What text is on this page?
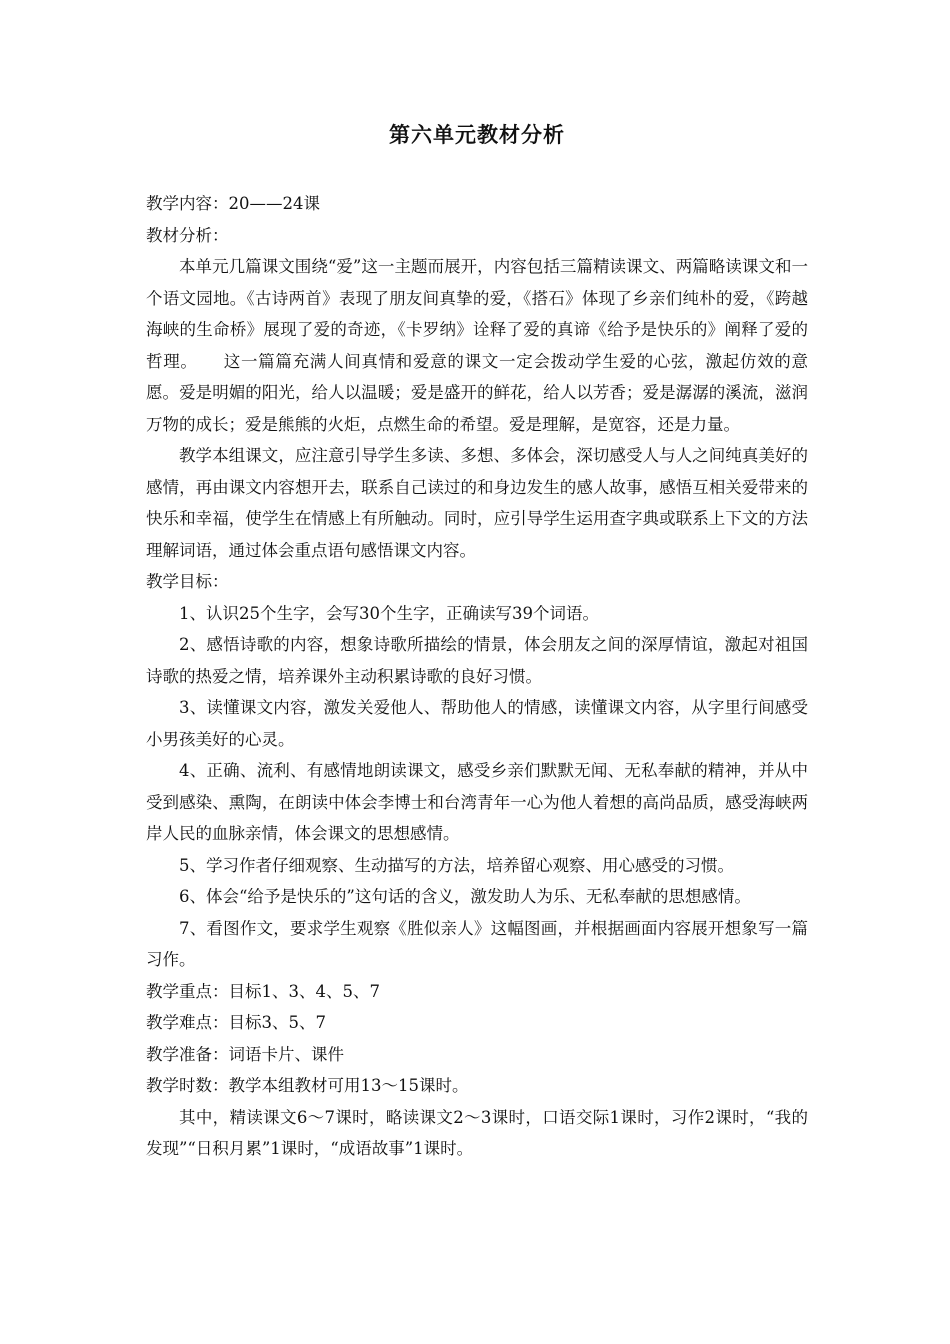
第六单元教材分析

教学内容：20——24课

教材分析：

本单元几篇课文围绕“爱”这一主题而展开，内容包括三篇精读课文、两篇略读课文和一个语文园地。《古诗两首》表现了朋友间真挚的爱，《搭石》体现了乡亲们纯朴的爱，《跨越海峡的生命桥》展现了爱的奇迹，《卡罗纳》诠释了爱的真谛《给予是快乐的》阐释了爱的哲理。　　这一篇篇充满人间真情和爱意的课文一定会拨动学生爱的心弦，激起仿效的意愿。爱是明媚的阳光，给人以温暖；爱是盛开的鲜花，给人以芳香；爱是潺潺的溪流，滋润万物的成长；爱是熊熊的火炬，点燃生命的希望。爱是理解，是宽容，还是力量。

教学本组课文，应注意引导学生多读、多想、多体会，深切感受人与人之间纯真美好的感情，再由课文内容想开去，联系自己读过的和身边发生的感人故事，感悟互相关爱带来的快乐和幸福，使学生在情感上有所触动。同时，应引导学生运用查字典或联系上下文的方法理解词语，通过体会重点语句感悟课文内容。

教学目标：

1、认识25个生字，会写30个生字，正确读写39个词语。

2、感悟诗歌的内容，想象诗歌所描绘的情景，体会朋友之间的深厚情谊，激起对祖国诗歌的热爱之情，培养课外主动积累诗歌的良好习惯。

3、读懂课文内容，激发关爱他人、帮助他人的情感，读懂课文内容，从字里行间感受小男孩美好的心灵。

4、正确、流利、有感情地朗读课文，感受乡亲们默默无闻、无私奉献的精神，并从中受到感染、熏陶，在朗读中体会李博士和台湾青年一心为他人着想的高尚品质，感受海峡两岸人民的血脉亲情，体会课文的思想感情。

5、学习作者仔细观察、生动描写的方法，培养留心观察、用心感受的习惯。

6、体会“给予是快乐的”这句话的含义，激发助人为乐、无私奉献的思想感情。

7、看图作文，要求学生观察《胜似亲人》这幅图画，并根据画面内容展开想象写一篇习作。

教学重点：目标1、3、4、5、7

教学难点：目标3、5、7

教学准备：词语卡片、课件

教学时数：教学本组教材可用13～15课时。

其中，精读课文6～7课时，略读课文2～3课时，口语交际1课时，习作2课时，“我的发现”“日积月累”1课时，“成语故事”1课时。
